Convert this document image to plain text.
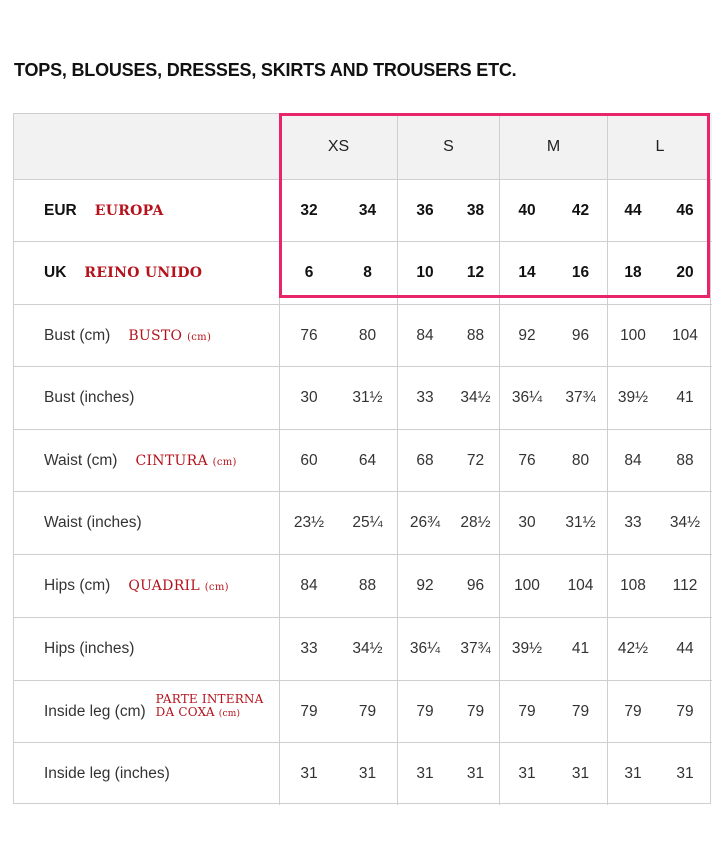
TOPS, BLOUSES, DRESSES, SKIRTS AND TROUSERS ETC.
XS	S	M	L
EUR EUROPA	32	34	36	38	40	42	44	46
UK REINO UNIDO	6	8	10	12	14	16	18	20
Bust (cm) BUSTO (cm)	76	80	84	88	92	96	100	104
Bust (inches)	30	31½	33	34½	36¼	37¾	39½	41
Waist (cm) CINTURA (cm)	60	64	68	72	76	80	84	88
Waist (inches)	23½	25¼	26¾	28½	30	31½	33	34½
Hips (cm) QUADRIL (cm)	84	88	92	96	100	104	108	112
Hips (inches)	33	34½	36¼	37¾	39½	41	42½	44
Inside leg (cm)
PARTE INTERNA
DA COXA (cm)	79	79	79	79	79	79	79	79
Inside leg (inches)	31	31	31	31	31	31	31	31
